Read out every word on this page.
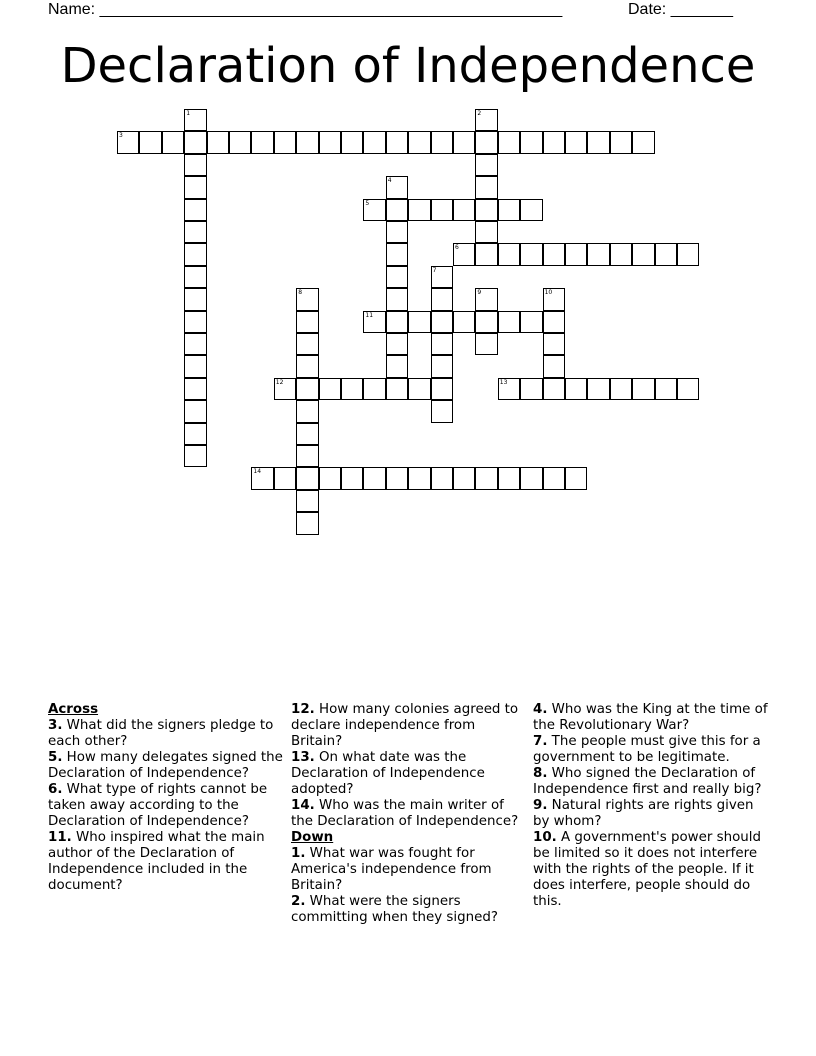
Name: ____________________________________________________	Date: _______
Declaration of Independence
1	2
3
4
5
6
7
8	9	10
11
12	13
14

Across

3. What did the signers pledge to each other?

5. How many delegates signed the Declaration of Independence?

6. What type of rights cannot be taken away according to the Declaration of Independence?

11. Who inspired what the main author of the Declaration of Independence included in the document?

12. How many colonies agreed to declare independence from Britain?

13. On what date was the Declaration of Independence adopted?

14. Who was the main writer of the Declaration of Independence?

Down

1. What war was fought for America's independence from Britain?

2. What were the signers committing when they signed?

4. Who was the King at the time of the Revolutionary War?

7. The people must give this for a government to be legitimate.

8. Who signed the Declaration of Independence first and really big?

9. Natural rights are rights given by whom?

10. A government's power should be limited so it does not interfere with the rights of the people. If it does interfere, people should do this.
